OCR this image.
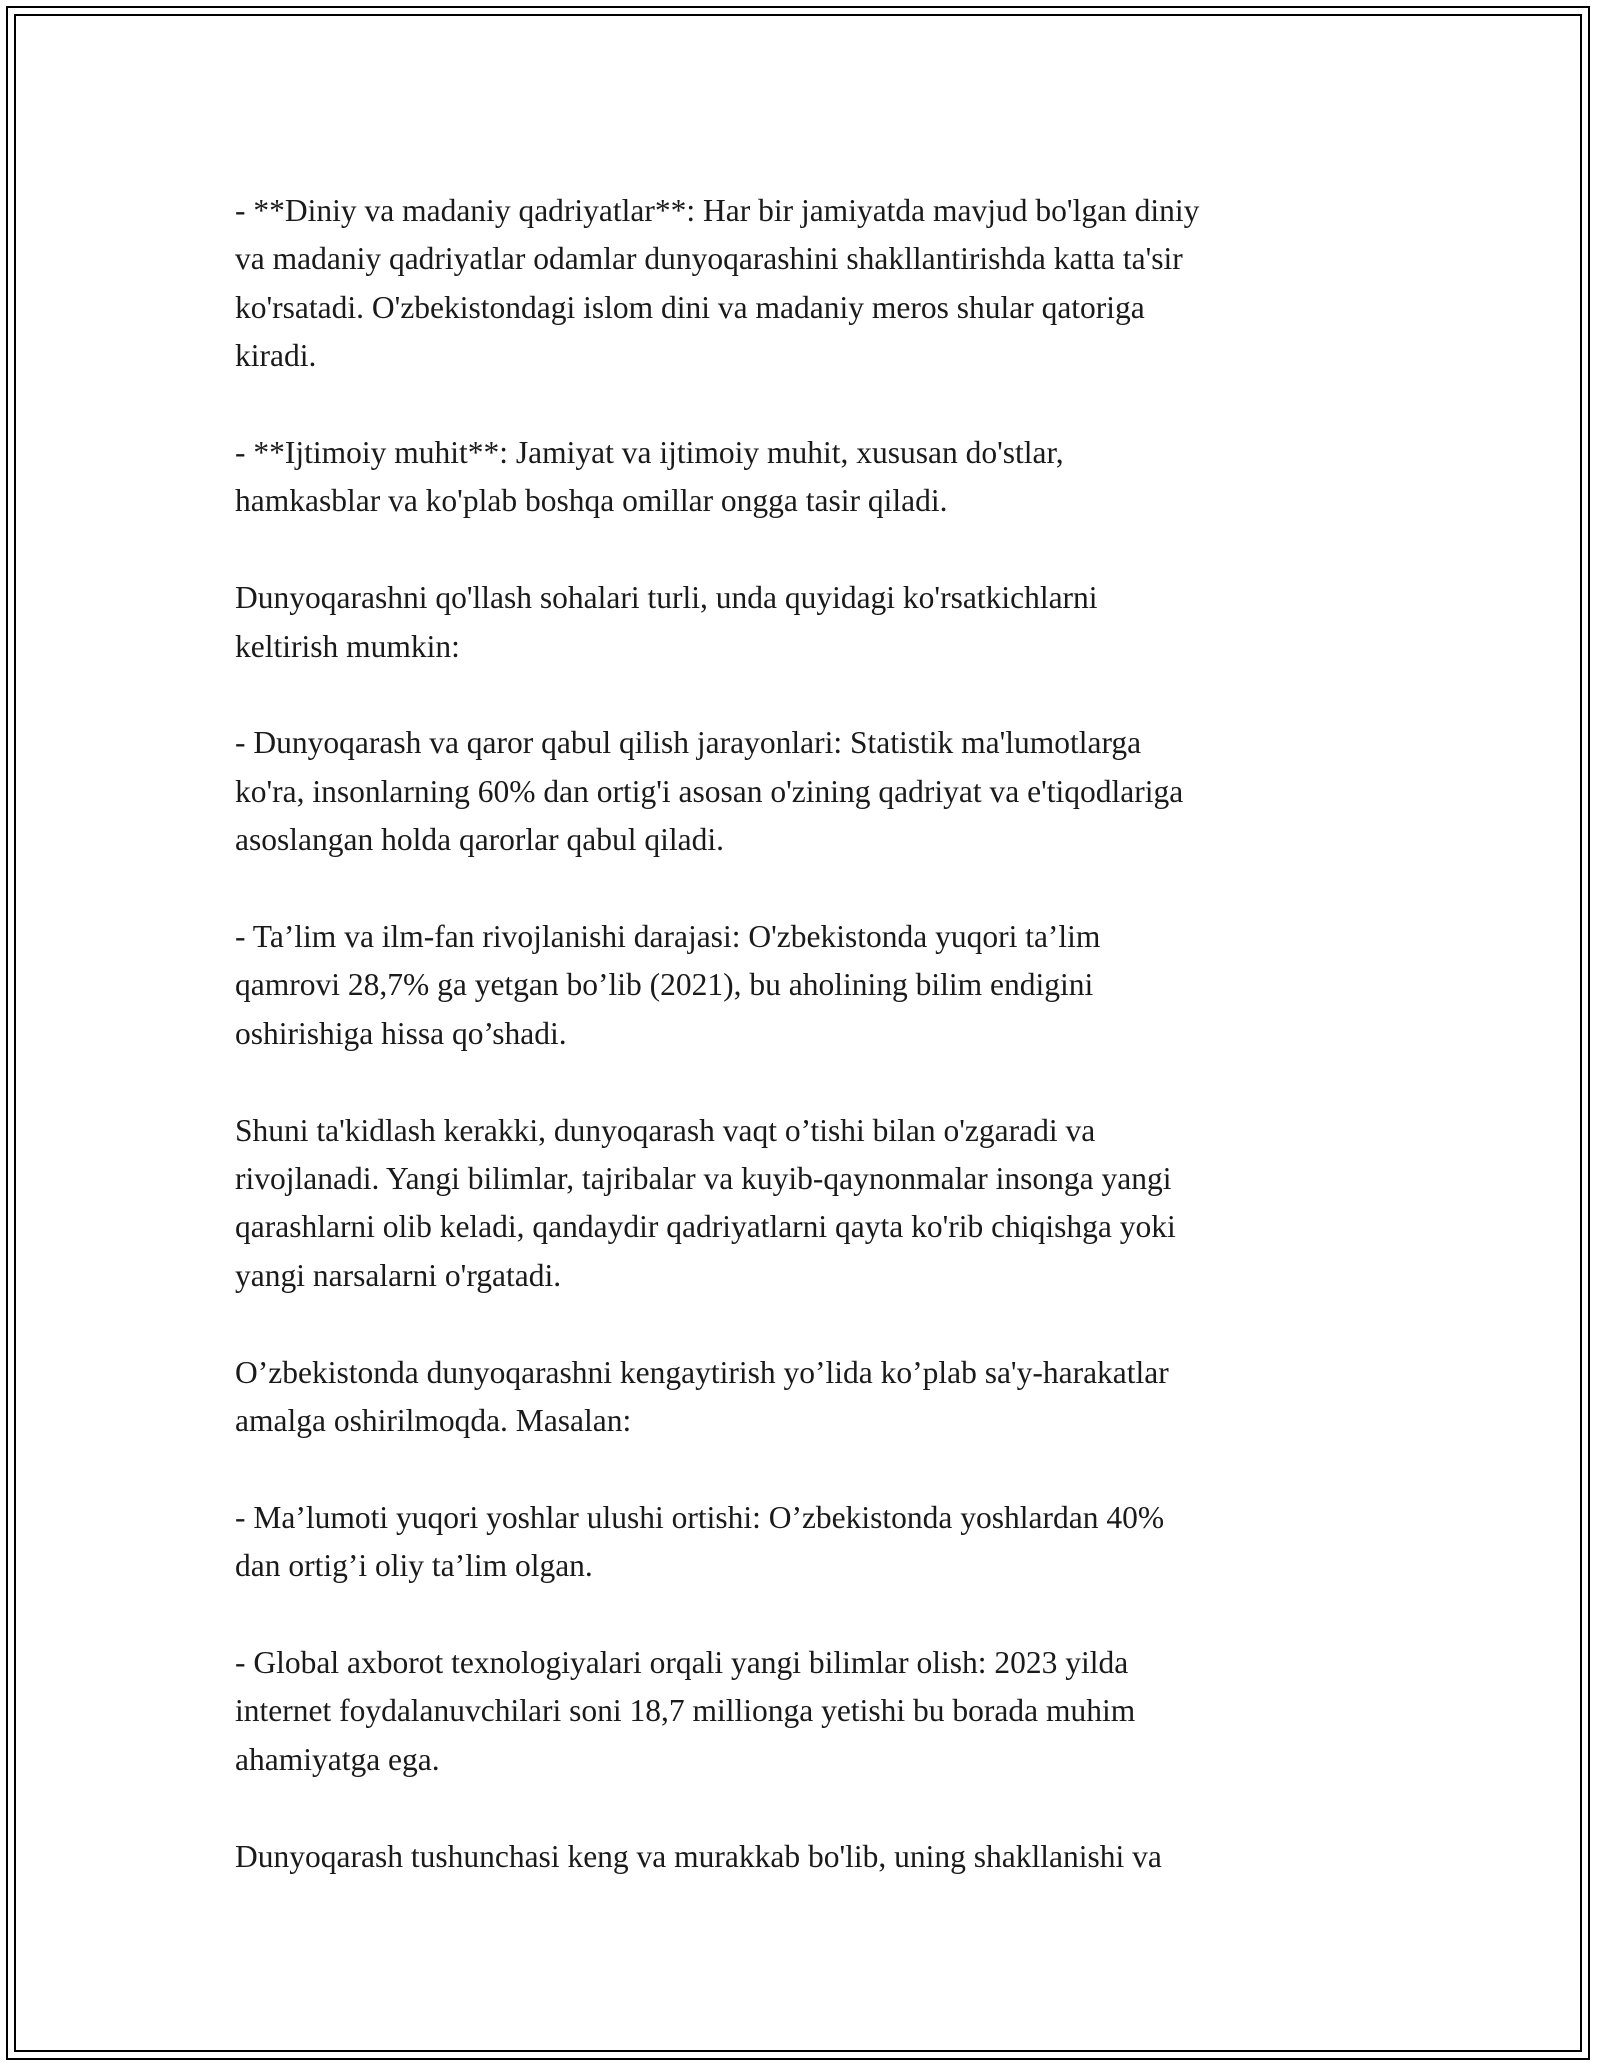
- **Diniy va madaniy qadriyatlar**: Har bir jamiyatda mavjud bo'lgan diniy
va madaniy qadriyatlar odamlar dunyoqarashini shakllantirishda katta ta'sir
ko'rsatadi. O'zbekistondagi islom dini va madaniy meros shular qatoriga
kiradi.

- **Ijtimoiy muhit**: Jamiyat va ijtimoiy muhit, xususan do'stlar,
hamkasblar va ko'plab boshqa omillar ongga tasir qiladi.

Dunyoqarashni qo'llash sohalari turli, unda quyidagi ko'rsatkichlarni
keltirish mumkin:

- Dunyoqarash va qaror qabul qilish jarayonlari: Statistik ma'lumotlarga
ko'ra, insonlarning 60% dan ortig'i asosan o'zining qadriyat va e'tiqodlariga
asoslangan holda qarorlar qabul qiladi.

- Ta’lim va ilm-fan rivojlanishi darajasi: O'zbekistonda yuqori ta’lim
qamrovi 28,7% ga yetgan bo’lib (2021), bu aholining bilim endigini
oshirishiga hissa qo’shadi.

Shuni ta'kidlash kerakki, dunyoqarash vaqt o’tishi bilan o'zgaradi va
rivojlanadi. Yangi bilimlar, tajribalar va kuyib-qaynonmalar insonga yangi
qarashlarni olib keladi, qandaydir qadriyatlarni qayta ko'rib chiqishga yoki
yangi narsalarni o'rgatadi.

O’zbekistonda dunyoqarashni kengaytirish yo’lida ko’plab sa'y-harakatlar
amalga oshirilmoqda. Masalan:

- Ma’lumoti yuqori yoshlar ulushi ortishi: O’zbekistonda yoshlardan 40%
dan ortig’i oliy ta’lim olgan.

- Global axborot texnologiyalari orqali yangi bilimlar olish: 2023 yilda
internet foydalanuvchilari soni 18,7 millionga yetishi bu borada muhim
ahamiyatga ega.

Dunyoqarash tushunchasi keng va murakkab bo'lib, uning shakllanishi va
